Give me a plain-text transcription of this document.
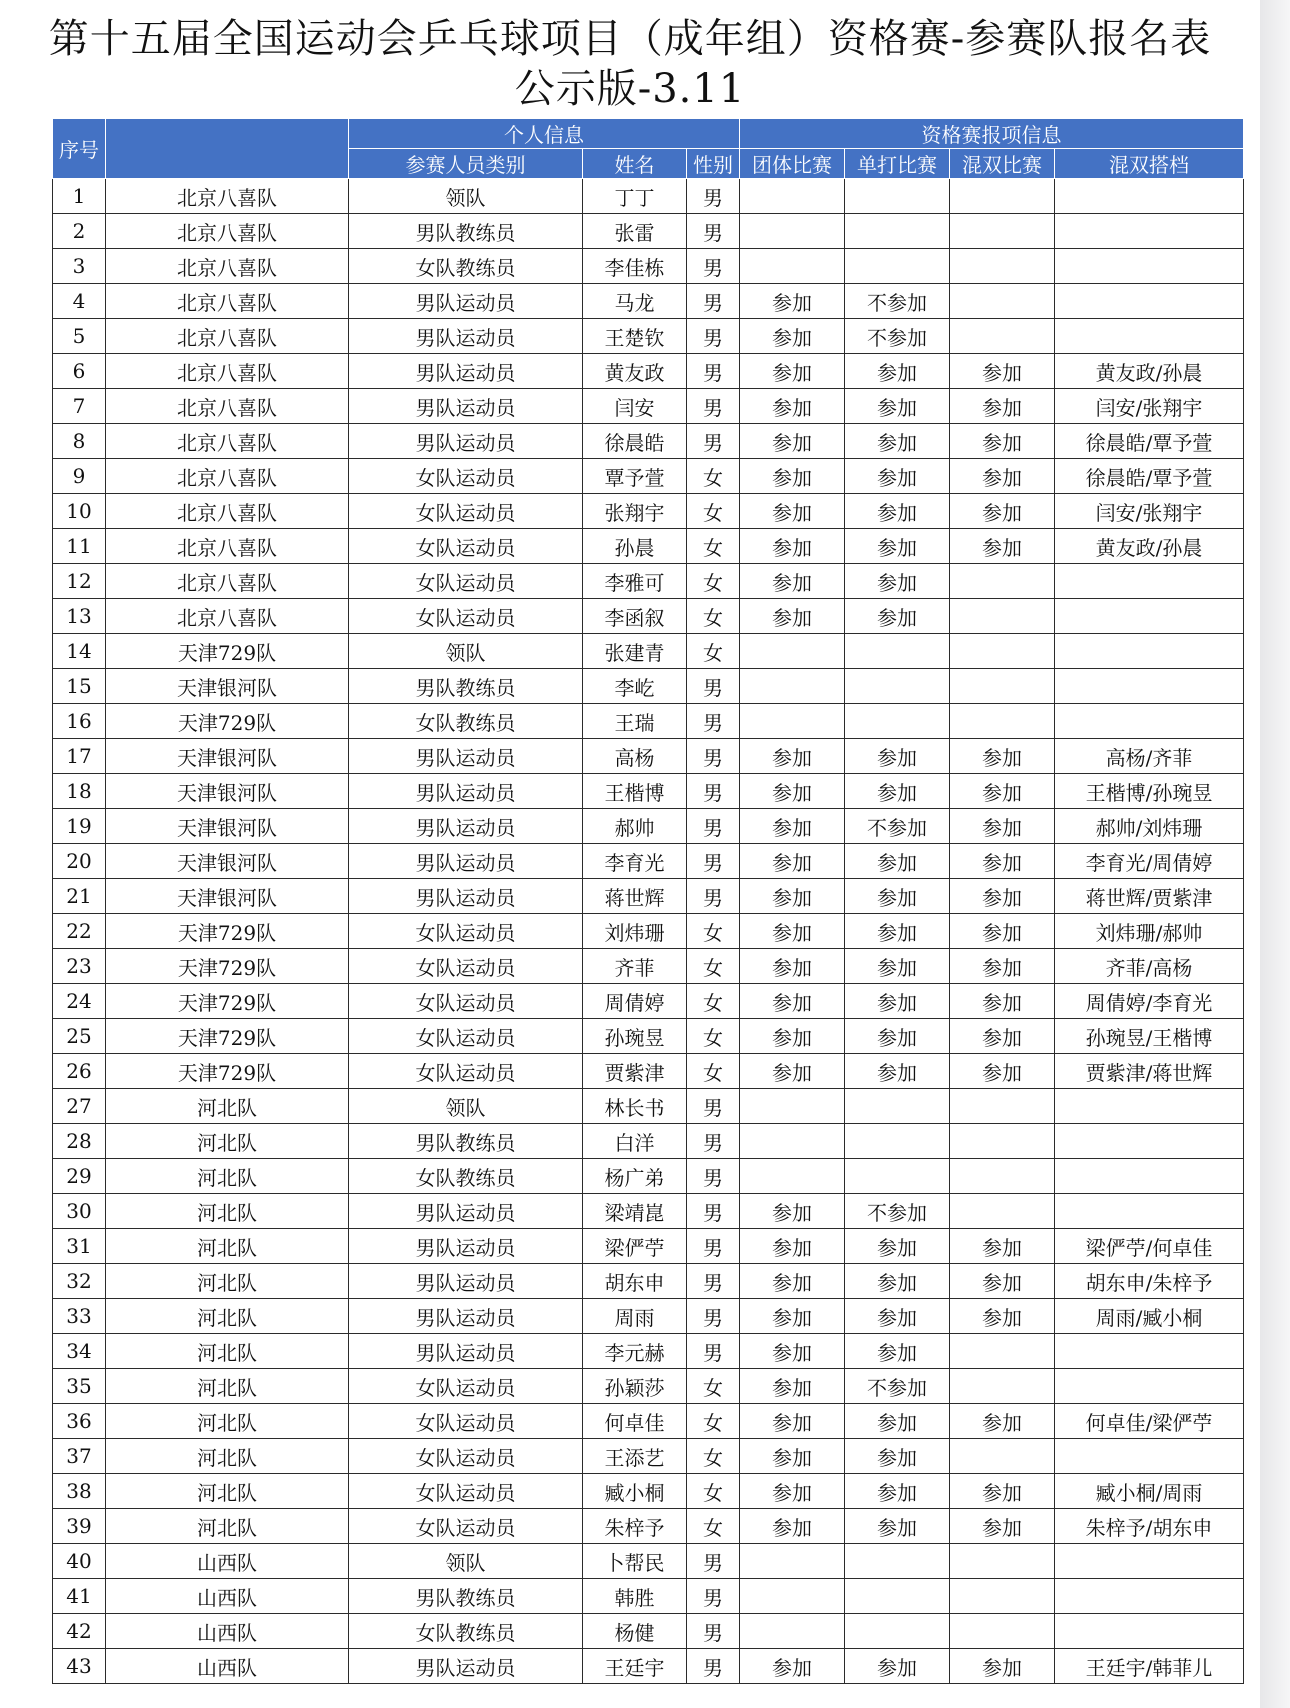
第十五届全国运动会乒乓球项目（成年组）资格赛-参赛队报名表
公示版-3.11
序号		个人信息			资格赛报项信息			
		参赛人员类别	姓名	性别	团体比赛	单打比赛	混双比赛	混双搭档
1	北京八喜队	领队	丁丁	男				
2	北京八喜队	男队教练员	张雷	男				
3	北京八喜队	女队教练员	李佳栋	男				
4	北京八喜队	男队运动员	马龙	男	参加	不参加		
5	北京八喜队	男队运动员	王楚钦	男	参加	不参加		
6	北京八喜队	男队运动员	黄友政	男	参加	参加	参加	黄友政/孙晨
7	北京八喜队	男队运动员	闫安	男	参加	参加	参加	闫安/张翔宇
8	北京八喜队	男队运动员	徐晨皓	男	参加	参加	参加	徐晨皓/覃予萱
9	北京八喜队	女队运动员	覃予萱	女	参加	参加	参加	徐晨皓/覃予萱
10	北京八喜队	女队运动员	张翔宇	女	参加	参加	参加	闫安/张翔宇
11	北京八喜队	女队运动员	孙晨	女	参加	参加	参加	黄友政/孙晨
12	北京八喜队	女队运动员	李雅可	女	参加	参加		
13	北京八喜队	女队运动员	李函叙	女	参加	参加		
14	天津729队	领队	张建青	女				
15	天津银河队	男队教练员	李屹	男				
16	天津729队	女队教练员	王瑞	男				
17	天津银河队	男队运动员	高杨	男	参加	参加	参加	高杨/齐菲
18	天津银河队	男队运动员	王楷博	男	参加	参加	参加	王楷博/孙琬昱
19	天津银河队	男队运动员	郝帅	男	参加	不参加	参加	郝帅/刘炜珊
20	天津银河队	男队运动员	李育光	男	参加	参加	参加	李育光/周倩婷
21	天津银河队	男队运动员	蒋世辉	男	参加	参加	参加	蒋世辉/贾紫津
22	天津729队	女队运动员	刘炜珊	女	参加	参加	参加	刘炜珊/郝帅
23	天津729队	女队运动员	齐菲	女	参加	参加	参加	齐菲/高杨
24	天津729队	女队运动员	周倩婷	女	参加	参加	参加	周倩婷/李育光
25	天津729队	女队运动员	孙琬昱	女	参加	参加	参加	孙琬昱/王楷博
26	天津729队	女队运动员	贾紫津	女	参加	参加	参加	贾紫津/蒋世辉
27	河北队	领队	林长书	男				
28	河北队	男队教练员	白洋	男				
29	河北队	女队教练员	杨广弟	男				
30	河北队	男队运动员	梁靖崑	男	参加	不参加		
31	河北队	男队运动员	梁俨苧	男	参加	参加	参加	梁俨苧/何卓佳
32	河北队	男队运动员	胡东申	男	参加	参加	参加	胡东申/朱梓予
33	河北队	男队运动员	周雨	男	参加	参加	参加	周雨/臧小桐
34	河北队	男队运动员	李元赫	男	参加	参加		
35	河北队	女队运动员	孙颖莎	女	参加	不参加		
36	河北队	女队运动员	何卓佳	女	参加	参加	参加	何卓佳/梁俨苧
37	河北队	女队运动员	王添艺	女	参加	参加		
38	河北队	女队运动员	臧小桐	女	参加	参加	参加	臧小桐/周雨
39	河北队	女队运动员	朱梓予	女	参加	参加	参加	朱梓予/胡东申
40	山西队	领队	卜帮民	男				
41	山西队	男队教练员	韩胜	男				
42	山西队	女队教练员	杨健	男				
43	山西队	男队运动员	王廷宇	男	参加	参加	参加	王廷宇/韩菲儿
